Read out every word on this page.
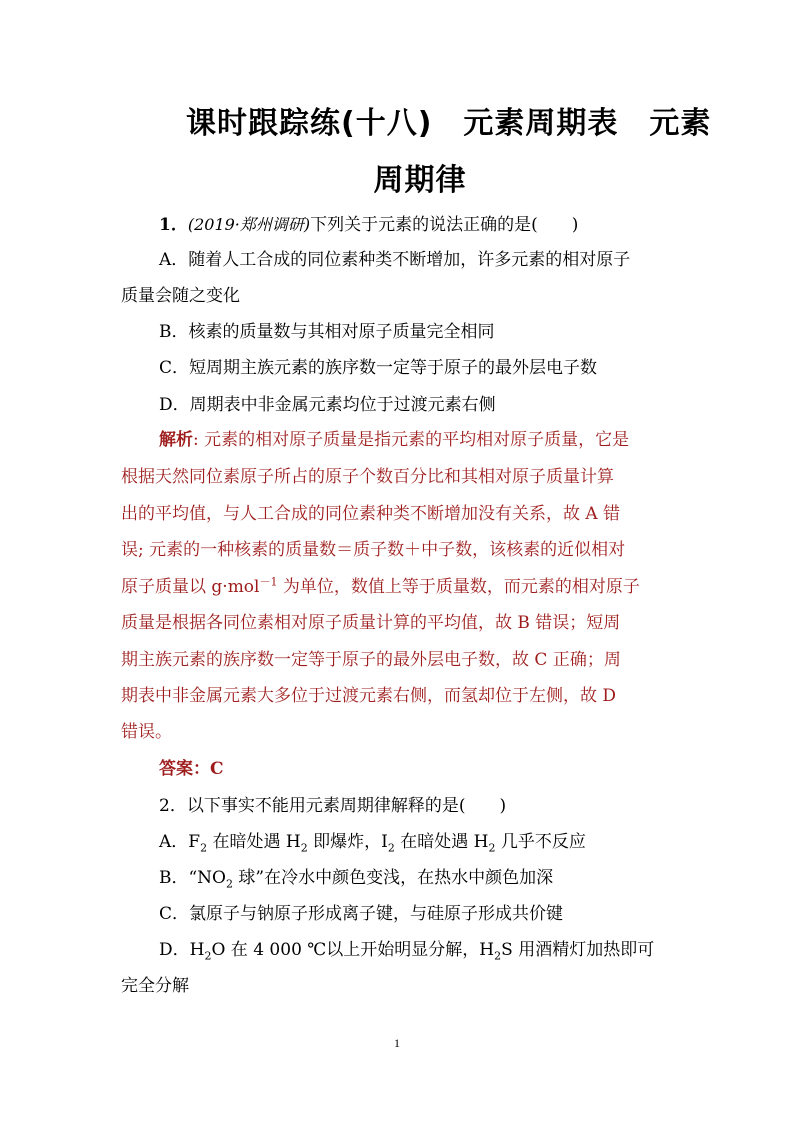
课时跟踪练(十八)　元素周期表　元素
周期律
1．(2019·郑州调研)下列关于元素的说法正确的是(　　)
A．随着人工合成的同位素种类不断增加，许多元素的相对原子
质量会随之变化
B．核素的质量数与其相对原子质量完全相同
C．短周期主族元素的族序数一定等于原子的最外层电子数
D．周期表中非金属元素均位于过渡元素右侧
解析: 元素的相对原子质量是指元素的平均相对原子质量，它是
根据天然同位素原子所占的原子个数百分比和其相对原子质量计算
出的平均值，与人工合成的同位素种类不断增加没有关系，故 A 错
误; 元素的一种核素的质量数＝质子数＋中子数，该核素的近似相对
原子质量以 g·mol$^{-1}$ 为单位，数值上等于质量数，而元素的相对原子
质量是根据各同位素相对原子质量计算的平均值，故 B 错误；短周
期主族元素的族序数一定等于原子的最外层电子数，故 C 正确；周
期表中非金属元素大多位于过渡元素右侧，而氢却位于左侧，故 D
错误。
答案：C
2．以下事实不能用元素周期律解释的是(　　)
A．$F_2$ 在暗处遇 $H_2$ 即爆炸，$I_2$ 在暗处遇 $H_2$ 几乎不反应
B．“$NO_2$ 球”在冷水中颜色变浅，在热水中颜色加深
C．氯原子与钠原子形成离子键，与硅原子形成共价键
D．$H_2O$ 在 4 000 ℃以上开始明显分解，$H_2S$ 用酒精灯加热即可
完全分解
1
